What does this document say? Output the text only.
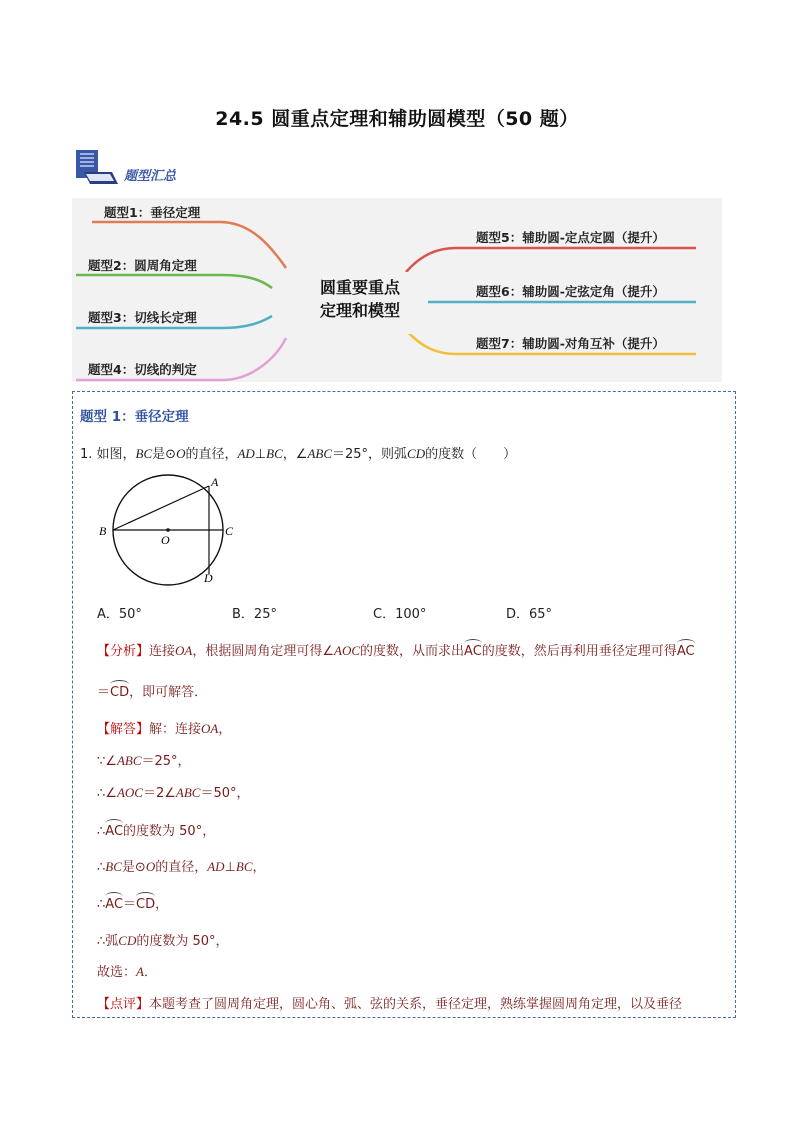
24.5 圆重点定理和辅助圆模型（50 题）
题型汇总
题型1：垂径定理
题型2：圆周角定理
题型3：切线长定理
题型4：切线的判定
题型5：辅助圆-定点定圆（提升）
题型6：辅助圆-定弦定角（提升）
题型7：辅助圆-对角互补（提升）
圆重要重点
定理和模型
题型 1：垂径定理
1. 如图，BC是⊙O的直径，AD⊥BC，∠ABC＝25°，则弧CD的度数（　　）
A
B	C
D
O
A．50°	B．25°	C．100°	D．65°
【分析】连接OA，根据圆周角定理可得∠AOC的度数，从而求出AC的度数，然后再利用垂径定理可得AC
＝CD，即可解答．
【解答】解：连接OA，
∵∠ABC＝25°，
∴∠AOC＝2∠ABC＝50°，
∴AC的度数为 50°，
∴BC是⊙O的直径，AD⊥BC，
∴AC＝CD，
∴弧CD的度数为 50°，
故选：A．
【点评】本题考查了圆周角定理，圆心角、弧、弦的关系，垂径定理，熟练掌握圆周角定理，以及垂径
